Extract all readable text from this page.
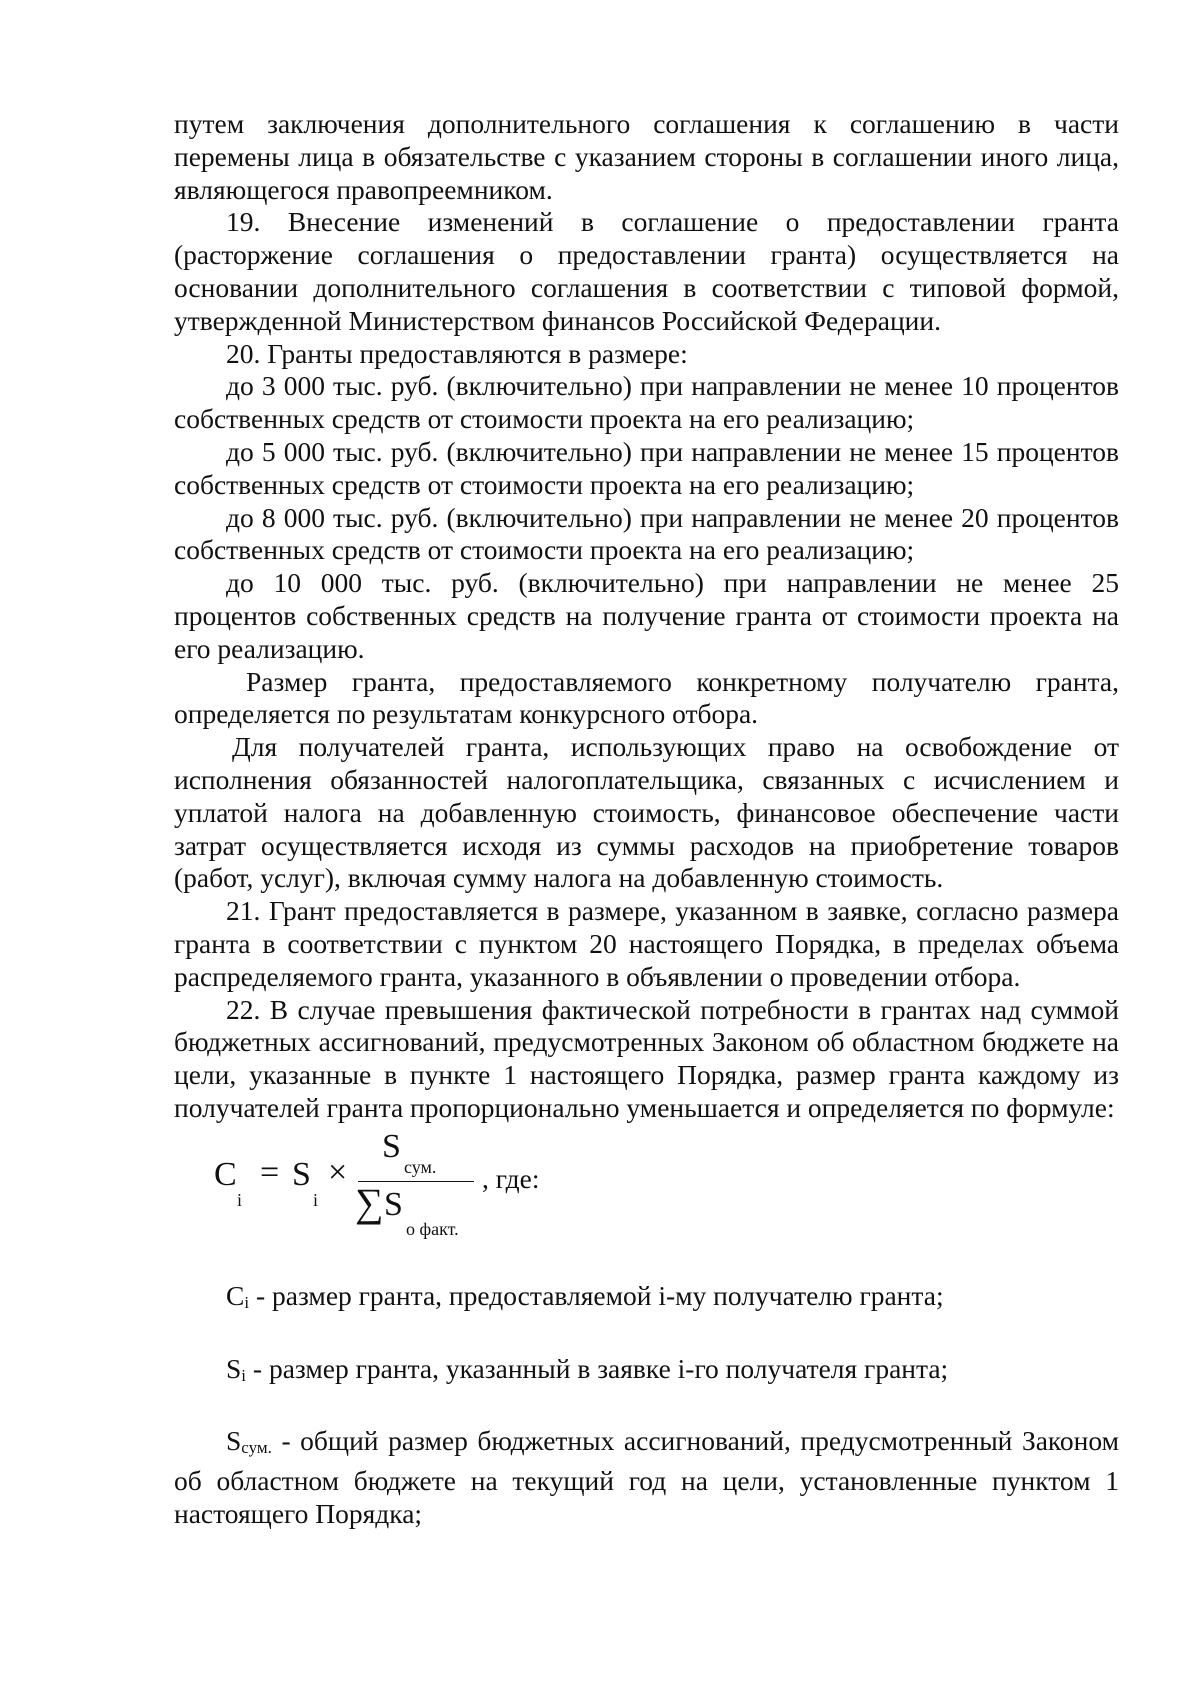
путем заключения дополнительного соглашения к соглашению в части перемены лица в обязательстве с указанием стороны в соглашении иного лица, являющегося правопреемником.

19. Внесение изменений в соглашение о предоставлении гранта (расторжение соглашения о предоставлении гранта) осуществляется на основании дополнительного соглашения в соответствии с типовой формой, утвержденной Министерством финансов Российской Федерации.

20. Гранты предоставляются в размере:

до 3 000 тыс. руб. (включительно) при направлении не менее 10 процентов собственных средств от стоимости проекта на его реализацию;

до 5 000 тыс. руб. (включительно) при направлении не менее 15 процентов собственных средств от стоимости проекта на его реализацию;

до 8 000 тыс. руб. (включительно) при направлении не менее 20 процентов собственных средств от стоимости проекта на его реализацию;

до 10 000 тыс. руб. (включительно) при направлении не менее 25 процентов собственных средств на получение гранта от стоимости проекта на его реализацию.

Размер гранта, предоставляемого конкретному получателю гранта, определяется по результатам конкурсного отбора.

Для получателей гранта, использующих право на освобождение от исполнения обязанностей налогоплательщика, связанных с исчислением и уплатой налога на добавленную стоимость, финансовое обеспечение части затрат осуществляется исходя из суммы расходов на приобретение товаров (работ, услуг), включая сумму налога на добавленную стоимость.

21. Грант предоставляется в размере, указанном в заявке, согласно размера гранта в соответствии с пунктом 20 настоящего Порядка, в пределах объема распределяемого гранта, указанного в объявлении о проведении отбора.

22. В случае превышения фактической потребности в грантах над суммой бюджетных ассигнований, предусмотренных Законом об областном бюджете на цели, указанные в пункте 1 настоящего Порядка, размер гранта каждому из получателей гранта пропорционально уменьшается и определяется по формуле:

C
i
= S
i
×
S
сум.
∑ S
о факт.
, где:

Ci - размер гранта, предоставляемой i-му получателю гранта;

Si - размер гранта, указанный в заявке i-го получателя гранта;

Sсум. - общий размер бюджетных ассигнований, предусмотренный Законом об областном бюджете на текущий год на цели, установленные пунктом 1 настоящего Порядка;
